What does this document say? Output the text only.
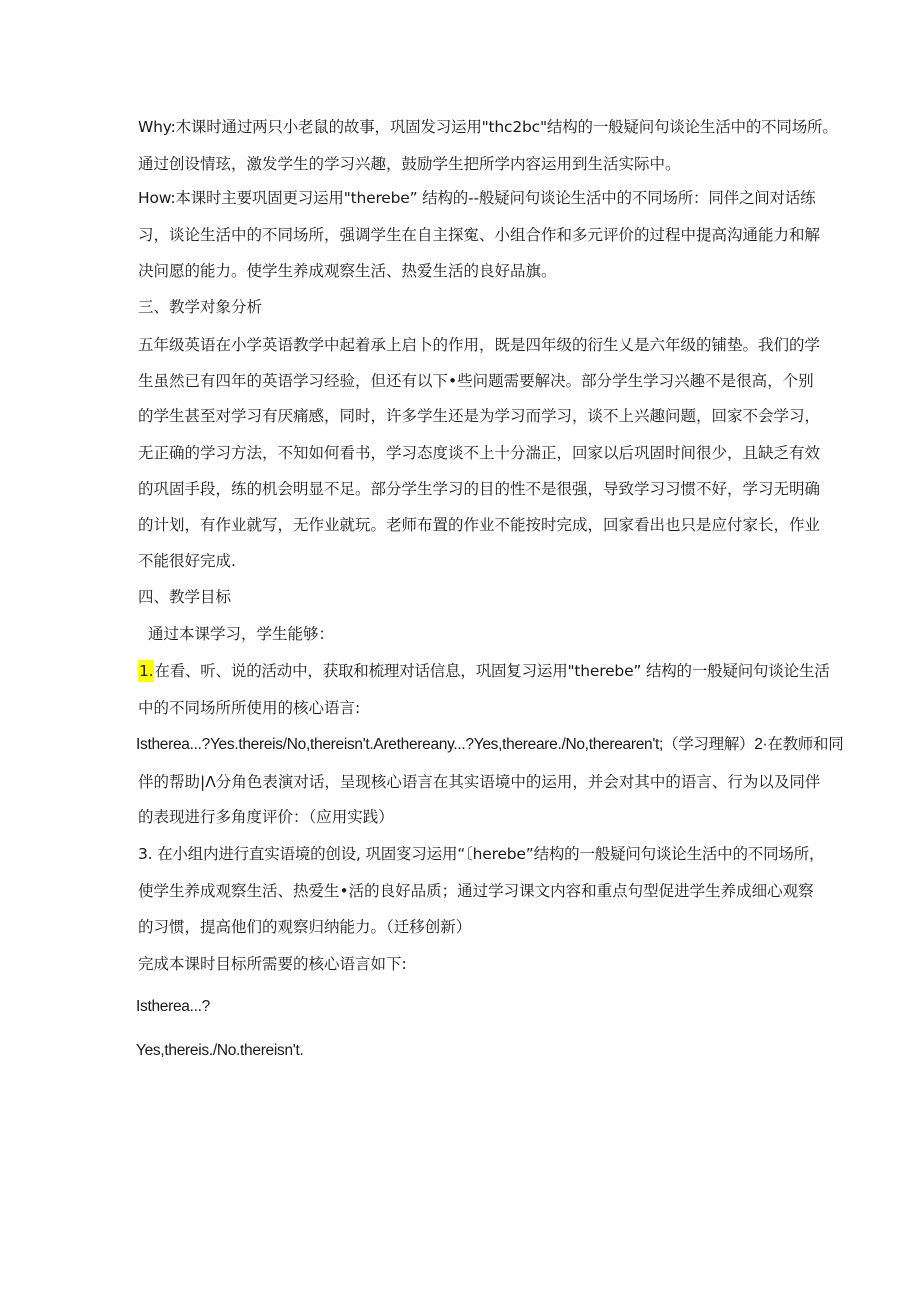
Why:木课时通过两只小老鼠的故事，巩固发习运用"thc2bc"结构的一般疑问句谈论生活中的不同场所。
通过创设情玹，激发学生的学习兴趣，鼓励学生把所学内容运用到生活实际中。
How:本课时主要巩固更习运用"therebe” 结构的--般疑问句谈论生活中的不同场所：同伴之间对话练
习，谈论生活中的不同场所，强调学生在自主探寃、小组合作和多元评价的过程中提高沟通能力和解
决问愿的能力。使学生养成观察生活、热爱生活的良好品旗。
三、教学对象分析
五年级英语在小学英语教学中起着承上启卜的作用，既是四年级的衍生乂是六年级的铺垫。我们的学
生虽然已有四年的英语学习经验，但还有以下•些问题需要解决。部分学生学习兴趣不是很高，个别
的学生甚至对学习有厌痛感，同时，许多学生还是为学习而学习，谈不上兴趣问题，回家不会学习，
无正确的学习方法，不知如何看书，学习态度谈不上十分湍正，回家以后巩固时间很少，且缺乏有效
的巩固手段，练的机会明显不足。部分学生学习的目的性不是很强，导致学习习惯不好，学习无明确
的计划，有作业就写，无作业就玩。老师布置的作业不能按时完成，回家看出也只是应付家长，作业
不能很好完成.
四、教学目标
通过本课学习，学生能够：
1.在看、听、说的活动中，获取和梳理对话信息，巩固复习运用"therebe” 结构的一般疑问句谈论生活
中的不同场所所使用的核心语言:
Istherea...?Yes.thereis/No,thereisn't.Arethereany...?Yes,thereare./No,therearen't;（学习理解）2·在教师和同
伴的帮助|Λ分角色表演对话，呈现核心语言在其实语境中的运用，并会对其中的语言、行为以及同伴
的表现进行多角度评价：（应用实践）
3. 在小组内进行直实语境的创设, 巩固叜习运用“〔herebe”结构的一般疑问句谈论生活中的不同场所，
使学生养成观察生活、热爱生•活的良好品质；通过学习课文内容和重点句型促进学生养成细心观察
的习惯，提高他们的观察归纳能力。（迁移创新）
完成本课时目标所需要的核心语言如下:
Istherea...?
Yes,thereis./No.thereisn't.
